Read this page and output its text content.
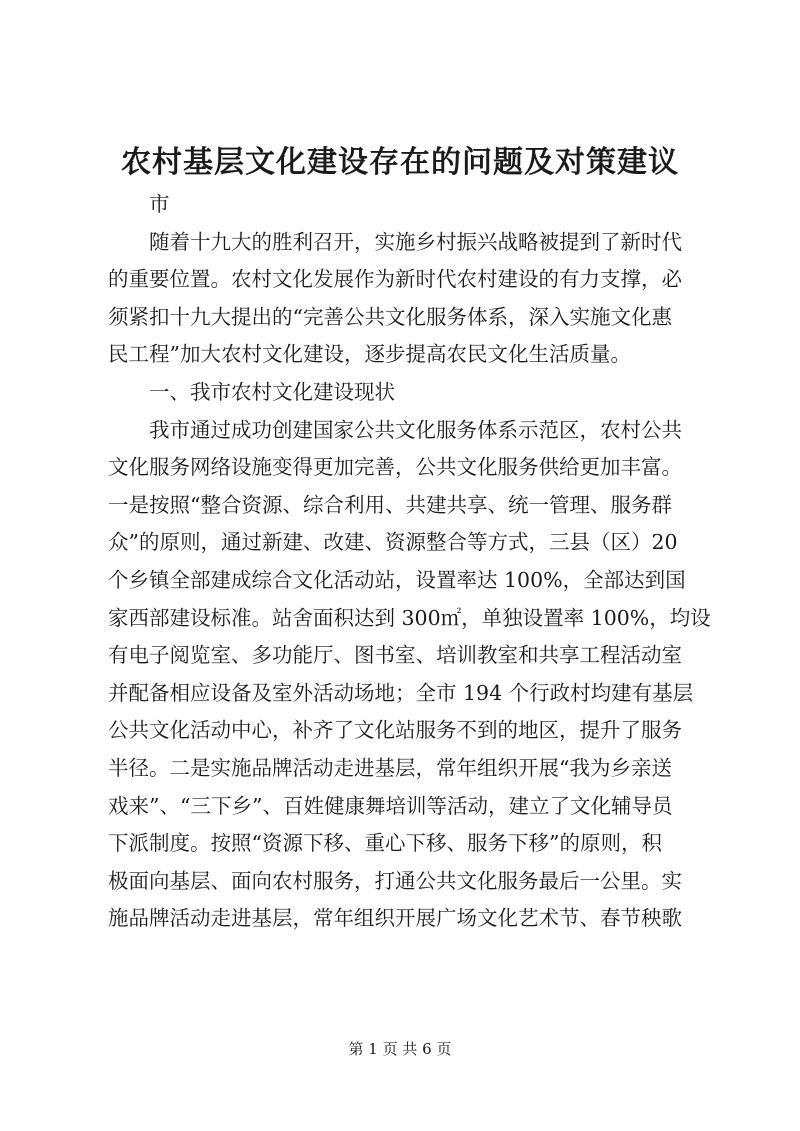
农村基层文化建设存在的问题及对策建议
市
随着十九大的胜利召开，实施乡村振兴战略被提到了新时代
的重要位置。农村文化发展作为新时代农村建设的有力支撑，必
须紧扣十九大提出的“完善公共文化服务体系，深入实施文化惠
民工程”加大农村文化建设，逐步提高农民文化生活质量。
一、我市农村文化建设现状
我市通过成功创建国家公共文化服务体系示范区，农村公共
文化服务网络设施变得更加完善，公共文化服务供给更加丰富。
一是按照“整合资源、综合利用、共建共享、统一管理、服务群
众”的原则，通过新建、改建、资源整合等方式，三县（区）20
个乡镇全部建成综合文化活动站，设置率达 100%，全部达到国
家西部建设标准。站舍面积达到 300㎡，单独设置率 100%，均设
有电子阅览室、多功能厅、图书室、培训教室和共享工程活动室
并配备相应设备及室外活动场地；全市 194 个行政村均建有基层
公共文化活动中心，补齐了文化站服务不到的地区，提升了服务
半径。二是实施品牌活动走进基层，常年组织开展“我为乡亲送
戏来”、“三下乡”、百姓健康舞培训等活动，建立了文化辅导员
下派制度。按照“资源下移、重心下移、服务下移”的原则，积
极面向基层、面向农村服务，打通公共文化服务最后一公里。实
施品牌活动走进基层，常年组织开展广场文化艺术节、春节秧歌
第 1 页 共 6 页
